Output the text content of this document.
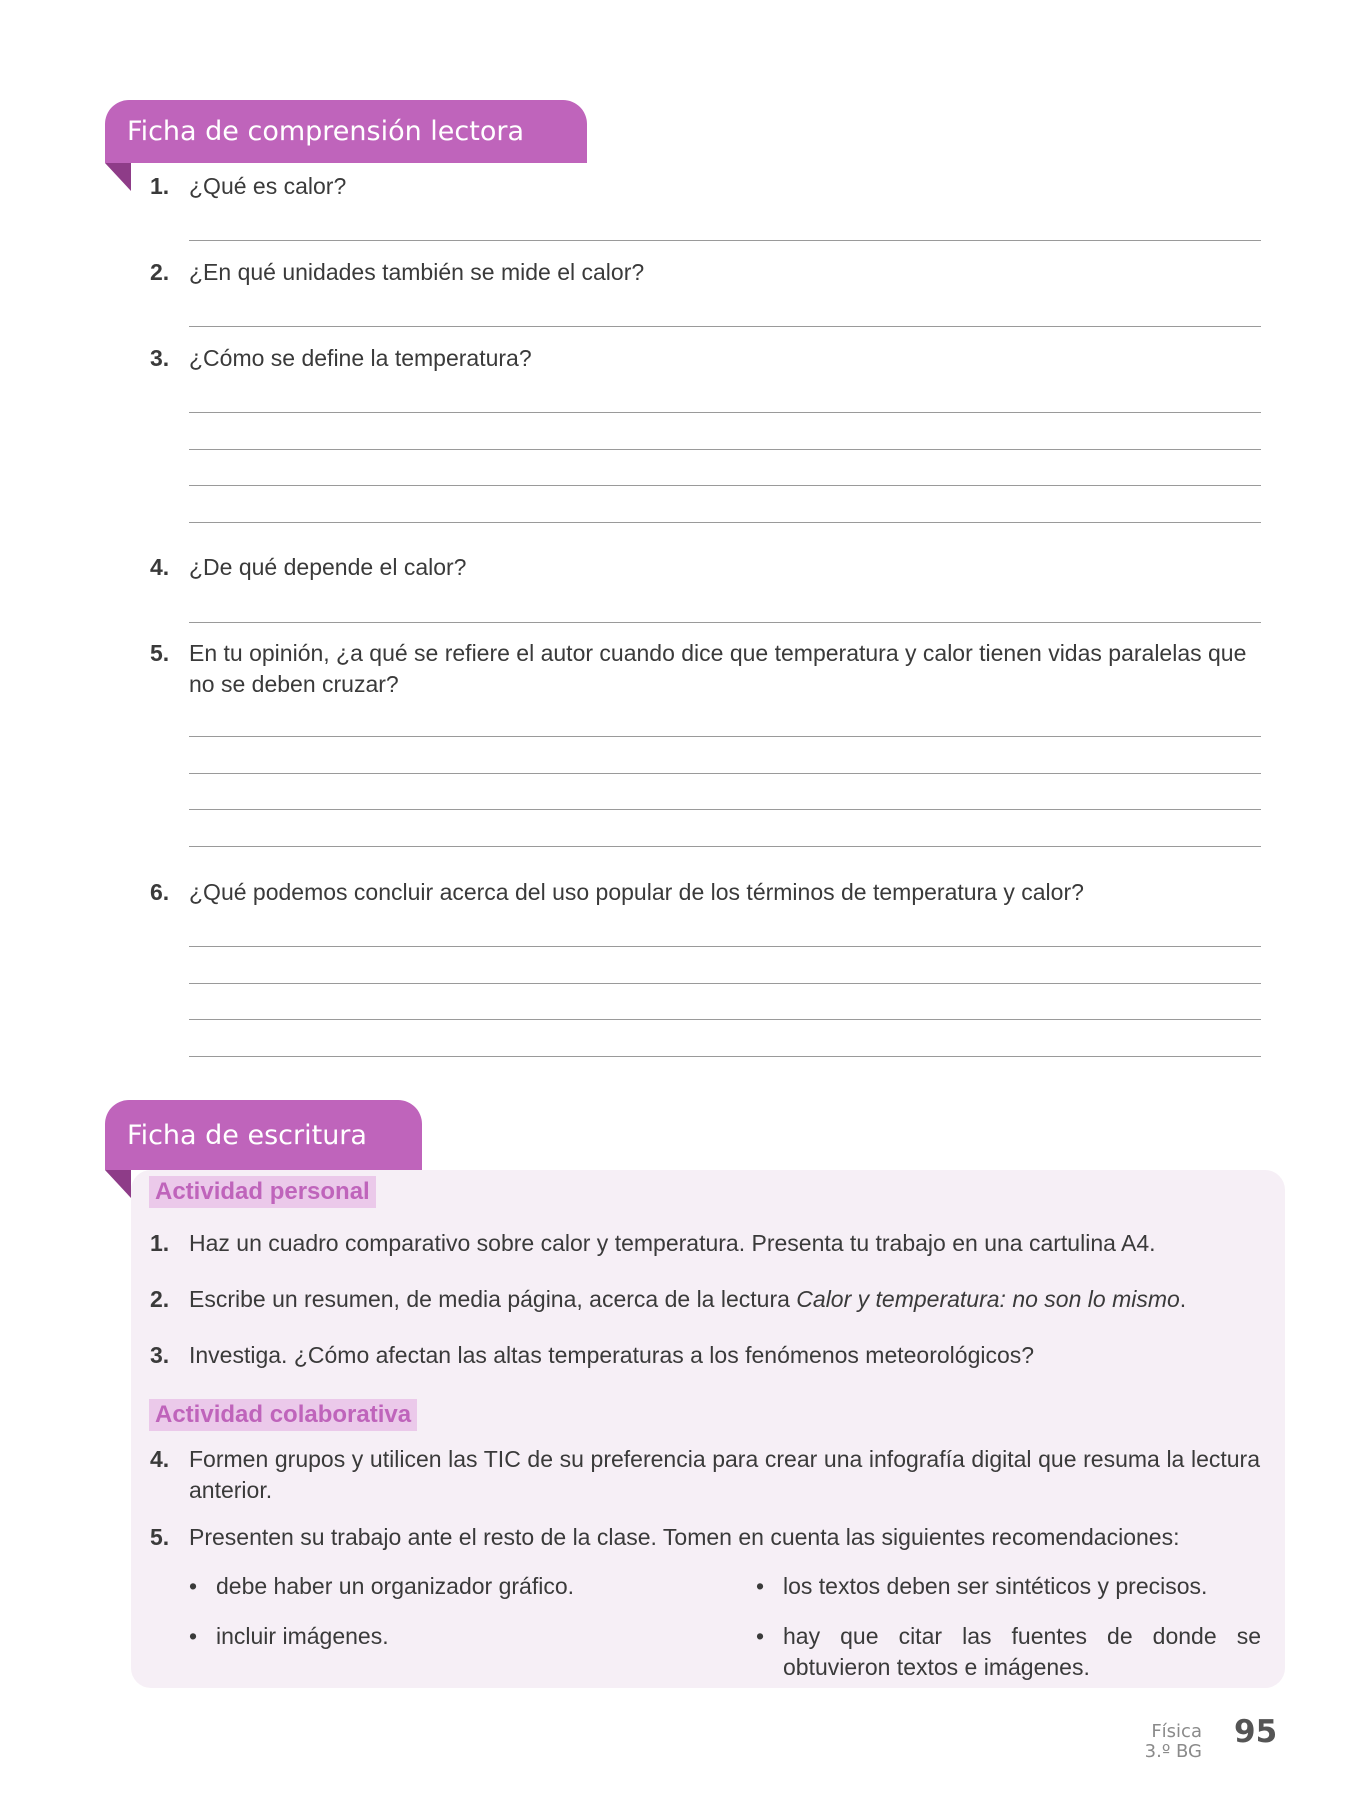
Ficha de comprensión lectora
1. ¿Qué es calor?
2. ¿En qué unidades también se mide el calor?
3. ¿Cómo se define la temperatura?
4. ¿De qué depende el calor?
5. En tu opinión, ¿a qué se refiere el autor cuando dice que temperatura y calor tienen vidas paralelas que no se deben cruzar?
6. ¿Qué podemos concluir acerca del uso popular de los términos de temperatura y calor?
Ficha de escritura
Actividad personal
1. Haz un cuadro comparativo sobre calor y temperatura. Presenta tu trabajo en una cartulina A4.
2. Escribe un resumen, de media página, acerca de la lectura Calor y temperatura: no son lo mismo.
3. Investiga. ¿Cómo afectan las altas temperaturas a los fenómenos meteorológicos?
Actividad colaborativa
4. Formen grupos y utilicen las TIC de su preferencia para crear una infografía digital que resuma la lectura anterior.
5. Presenten su trabajo ante el resto de la clase. Tomen en cuenta las siguientes recomendaciones:
• debe haber un organizador gráfico.	• los textos deben ser sintéticos y precisos.
• incluir imágenes.	• hay que citar las fuentes de donde se obtuvieron textos e imágenes.
Física
3.º BG
95
